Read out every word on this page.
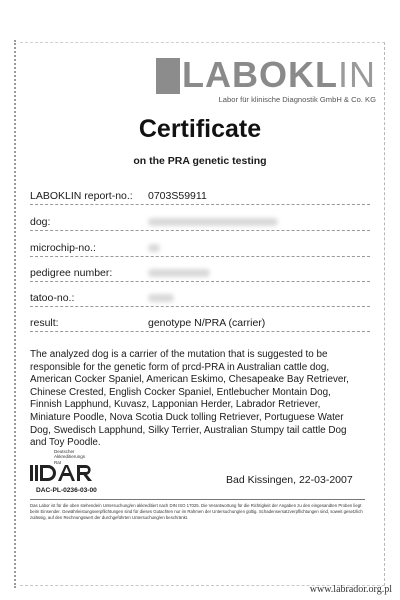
LABOKLIN
Labor für klinische Diagnostik GmbH & Co. KG
Certificate
on the PRA genetic testing
LABOKLIN report-no.: 0703S59911
dog:
microchip-no.:
pedigree number:
tatoo-no.:
result:	genotype N/PRA (carrier)
The analyzed dog is a carrier of the mutation that is suggested to be responsible for the genetic form of prcd-PRA in Australian cattle dog, American Cocker Spaniel, American Eskimo, Chesapeake Bay Retriever, Chinese Crested, English Cocker Spaniel, Entlebucher Montain Dog, Finnish Lapphund, Kuvasz, Lapponian Herder, Labrador Retriever, Miniature Poodle, Nova Scotia Duck tolling Retriever, Portuguese Water Dog, Swedisch Lapphund, Silky Terrier, Australian Stumpy tail cattle Dog and Toy Poodle.
Deutscher
Akkreditierungs
Rat
DAC-PL-0236-03-00
Bad Kissingen, 22-03-2007
Das Labor ist für die oben stehende/n Untersuchung/en akkreditiert nach DIN ISO 17025. Die Verantwortung für die Richtigkeit der Angaben zu den eingesandten Proben liegt beim Einsender. Gewährleistungsverpflichtungen sind für dieses Gutachten nur im Rahmen der Untersuchung/en gültig. Schadensersatzverpflichtungen sind, soweit gesetzlich zulässig, auf den Rechnungswert der durchgeführten Untersuchung/en beschränkt.
www.labrador.org.pl
